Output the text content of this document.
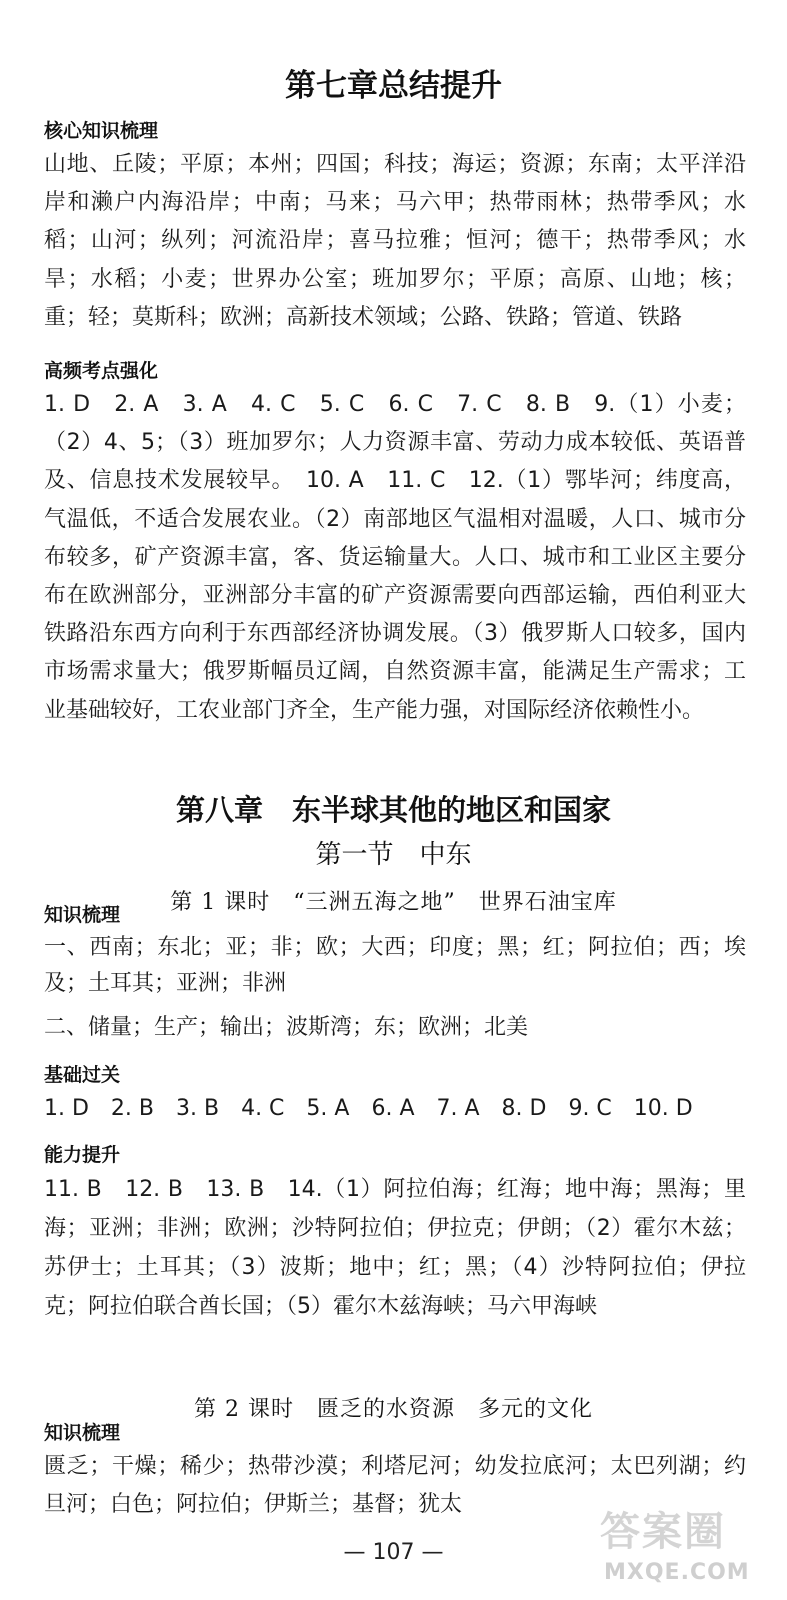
第七章总结提升
核心知识梳理
山地、丘陵；平原；本州；四国；科技；海运；资源；东南；太平洋沿岸和濑户内海沿岸；中南；马来；马六甲；热带雨林；热带季风；水稻；山河；纵列；河流沿岸；喜马拉雅；恒河；德干；热带季风；水旱；水稻；小麦；世界办公室；班加罗尔；平原；高原、山地；核；重；轻；莫斯科；欧洲；高新技术领域；公路、铁路；管道、铁路
高频考点强化
1. D　2. A　3. A　4. C　5. C　6. C　7. C　8. B　9.（1）小麦；（2）4、5；（3）班加罗尔；人力资源丰富、劳动力成本较低、英语普及、信息技术发展较早。　10. A　11. C　12.（1）鄂毕河；纬度高，气温低，不适合发展农业。（2）南部地区气温相对温暖，人口、城市分布较多，矿产资源丰富，客、货运输量大。人口、城市和工业区主要分布在欧洲部分，亚洲部分丰富的矿产资源需要向西部运输，西伯利亚大铁路沿东西方向利于东西部经济协调发展。（3）俄罗斯人口较多，国内市场需求量大；俄罗斯幅员辽阔，自然资源丰富，能满足生产需求；工业基础较好，工农业部门齐全，生产能力强，对国际经济依赖性小。
第八章　东半球其他的地区和国家
第一节　中东
第 1 课时　“三洲五海之地”　世界石油宝库
知识梳理
一、西南；东北；亚；非；欧；大西；印度；黑；红；阿拉伯；西；埃及；土耳其；亚洲；非洲
二、储量；生产；输出；波斯湾；东；欧洲；北美
基础过关
1. D　2. B　3. B　4. C　5. A　6. A　7. A　8. D　9. C　10. D
能力提升
11. B　12. B　13. B　14.（1）阿拉伯海；红海；地中海；黑海；里海；亚洲；非洲；欧洲；沙特阿拉伯；伊拉克；伊朗；（2）霍尔木兹；苏伊士；土耳其；（3）波斯；地中；红；黑；（4）沙特阿拉伯；伊拉克；阿拉伯联合酋长国；（5）霍尔木兹海峡；马六甲海峡
第 2 课时　匮乏的水资源　多元的文化
知识梳理
匮乏；干燥；稀少；热带沙漠；利塔尼河；幼发拉底河；太巴列湖；约旦河；白色；阿拉伯；伊斯兰；基督；犹太
— 107 —	答案圈
MXQE.COM
